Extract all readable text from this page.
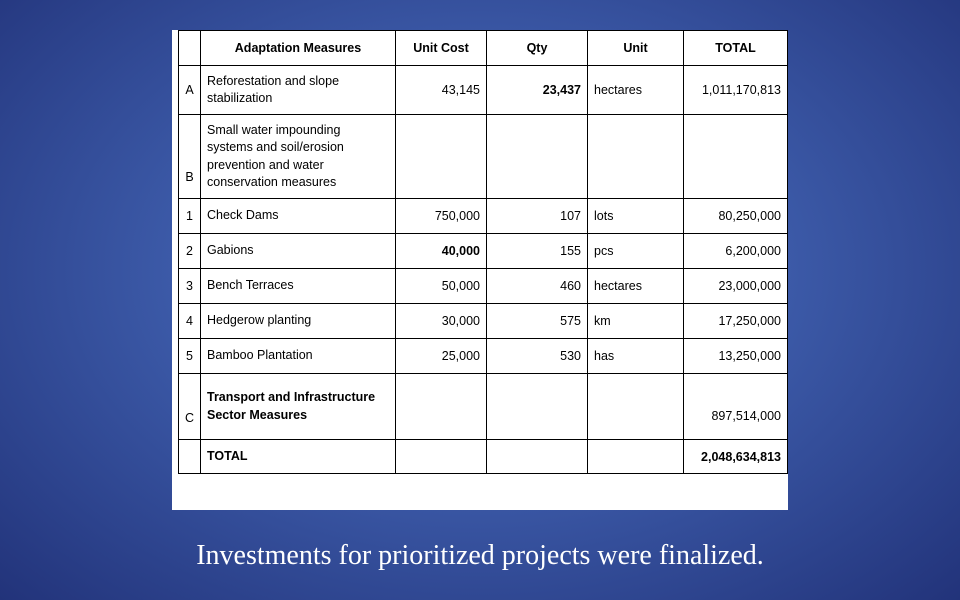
	Adaptation Measures	Unit Cost	Qty	Unit	TOTAL
A	Reforestation and slope stabilization	43,145	23,437	hectares	1,011,170,813
B	Small water impounding systems and soil/erosion prevention and water conservation measures				
1	Check Dams	750,000	107	lots	80,250,000
2	Gabions	40,000	155	pcs	6,200,000
3	Bench Terraces	50,000	460	hectares	23,000,000
4	Hedgerow planting	30,000	575	km	17,250,000
5	Bamboo Plantation	25,000	530	has	13,250,000
C	Transport and Infrastructure Sector Measures				897,514,000
	TOTAL				2,048,634,813
Investments for prioritized projects were finalized.
